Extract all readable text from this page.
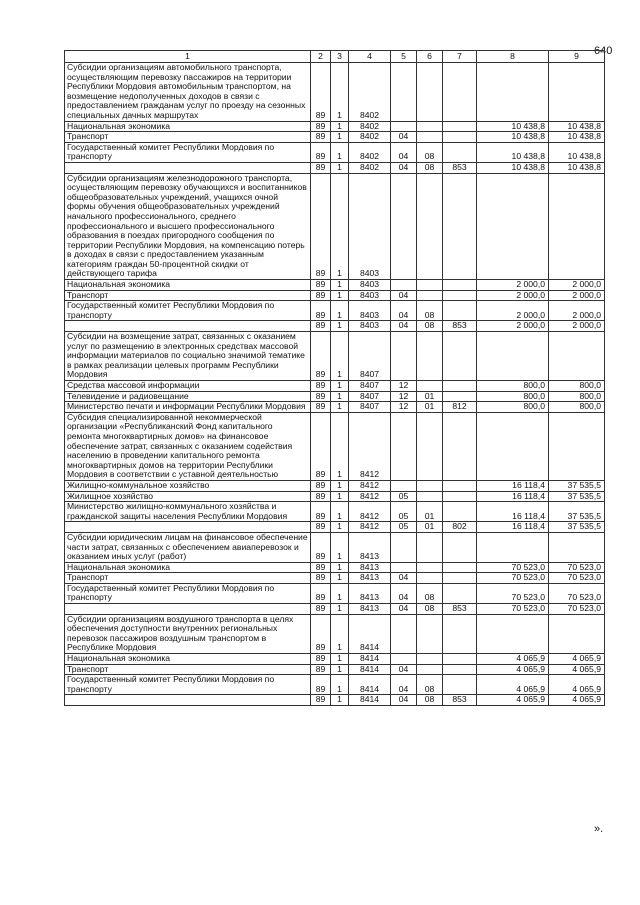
640
1	2	3	4	5	6	7	8	9
Субсидии организациям автомобильного транспорта, осуществляющим перевозку пассажиров на территории Республики Мордовия автомобильным транспортом, на возмещение недополученных доходов в связи с предоставлением гражданам услуг по проезду на сезонных специальных дачных маршрутах	89	1	8402					
Национальная экономика	89	1	8402				10 438,8	10 438,8
Транспорт	89	1	8402	04			10 438,8	10 438,8
Государственный комитет Республики Мордовия по транспорту	89	1	8402	04	08		10 438,8	10 438,8
	89	1	8402	04	08	853	10 438,8	10 438,8
Субсидии организациям железнодорожного транспорта, осуществляющим перевозку обучающихся и воспитанников общеобразовательных учреждений, учащихся очной формы обучения общеобразовательных учреждений начального профессионального, среднего профессионального и высшего профессионального образования в поездах пригородного сообщения по территории Республики Мордовия, на компенсацию потерь в доходах в связи с предоставлением указанным категориям граждан 50-процентной скидки от действующего тарифа	89	1	8403					
Национальная экономика	89	1	8403				2 000,0	2 000,0
Транспорт	89	1	8403	04			2 000,0	2 000,0
Государственный комитет Республики Мордовия по транспорту	89	1	8403	04	08		2 000,0	2 000,0
	89	1	8403	04	08	853	2 000,0	2 000,0
Субсидии на возмещение затрат, связанных с оказанием услуг по размещению в электронных средствах массовой информации материалов по социально значимой тематике в рамках реализации целевых программ Республики Мордовия	89	1	8407					
Средства массовой информации	89	1	8407	12			800,0	800,0
Телевидение и радиовещание	89	1	8407	12	01		800,0	800,0
Министерство печати и информации Республики Мордовия	89	1	8407	12	01	812	800,0	800,0
Субсидия специализированной некоммерческой организации «Республиканский Фонд капитального ремонта многоквартирных домов» на финансовое обеспечение затрат, связанных с оказанием содействия населению в проведении капитального ремонта многоквартирных домов на территории Республики Мордовия в соответствии с уставной деятельностью	89	1	8412					
Жилищно-коммунальное хозяйство	89	1	8412				16 118,4	37 535,5
Жилищное хозяйство	89	1	8412	05			16 118,4	37 535,5
Министерство жилищно-коммунального хозяйства и гражданской защиты населения Республики Мордовия	89	1	8412	05	01		16 118,4	37 535,5
	89	1	8412	05	01	802	16 118,4	37 535,5
Субсидии юридическим лицам на финансовое обеспечение части затрат, связанных с обеспечением авиаперевозок и оказанием иных услуг (работ)	89	1	8413					
Национальная экономика	89	1	8413				70 523,0	70 523,0
Транспорт	89	1	8413	04			70 523,0	70 523,0
Государственный комитет Республики Мордовия по транспорту	89	1	8413	04	08		70 523,0	70 523,0
	89	1	8413	04	08	853	70 523,0	70 523,0
Субсидии организациям воздушного транспорта в целях обеспечения доступности внутренних региональных перевозок пассажиров воздушным транспортом в Республике Мордовия	89	1	8414					
Национальная экономика	89	1	8414				4 065,9	4 065,9
Транспорт	89	1	8414	04			4 065,9	4 065,9
Государственный комитет Республики Мордовия по транспорту	89	1	8414	04	08		4 065,9	4 065,9
	89	1	8414	04	08	853	4 065,9	4 065,9
».
